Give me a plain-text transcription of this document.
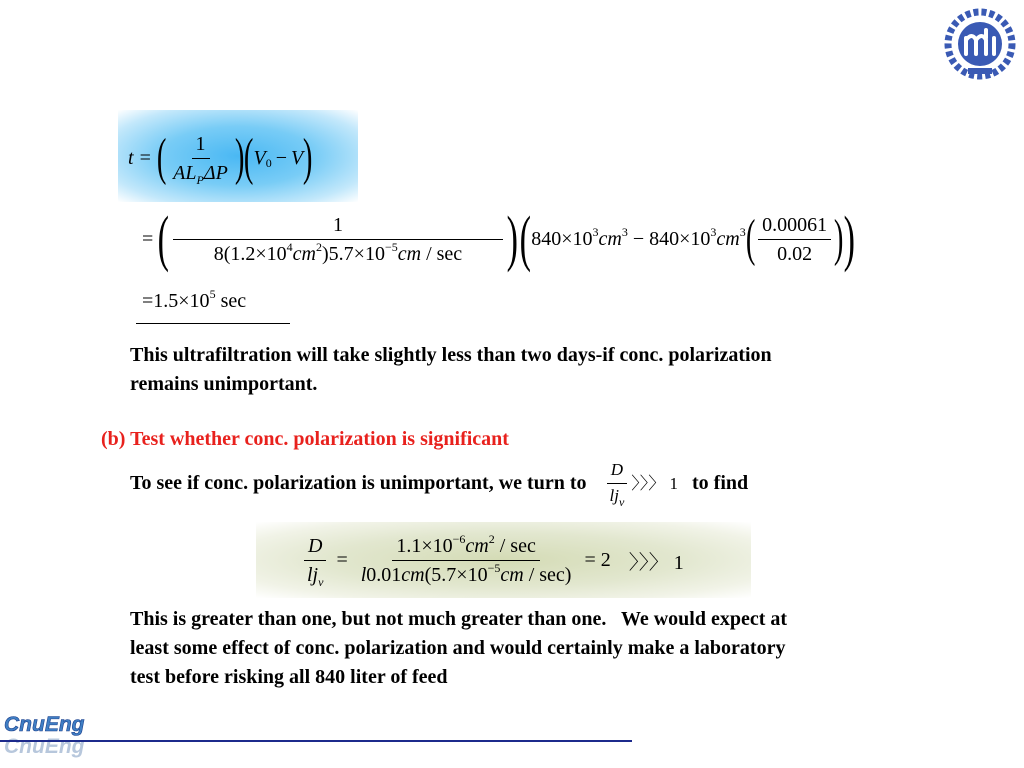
t = ( $\frac{1}{AL_P\Delta P}$ ) ( V 0 − V )
= ( $\frac{1}{8(1.2\times 10^4cm^2)5.7\times 10^{-5}cm / \sec}$ ) ( $840\times 10^3cm^3 - 840\times 10^3cm^3$ ( $\frac{0.00061}{0.02}$ ) )
$=1.5\times 10^5$ sec
This ultrafiltration will take slightly less than two days-if conc. polarization
remains unimportant.
(b) Test whether conc. polarization is significant
To see if conc. polarization is unimportant, we turn to $\frac{D}{lj_v}$ 〉〉〉 1 to find
$\frac{D}{lj_v} = \frac{1.1\times 10^{-6}cm^2 / \sec}{l0.01cm(5.7\times 10^{-5}cm / \sec)} = 2$ 〉〉〉 1
This is greater than one, but not much greater than one.   We would expect at
least some effect of conc. polarization and would certainly make a laboratory
test before risking all 840 liter of feed
CnuEng
CnuEng
